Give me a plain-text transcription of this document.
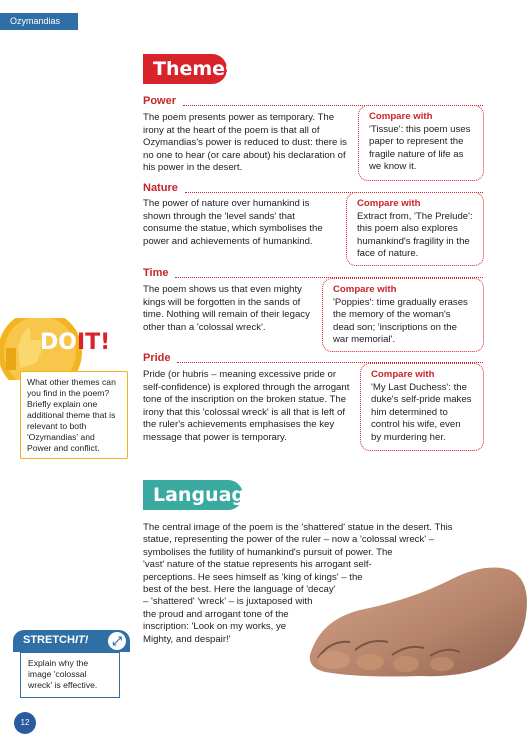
Ozymandias
Themes
Power
The poem presents power as temporary. The irony at the heart of the poem is that all of Ozymandias's power is reduced to dust: there is no one to hear (or care about) his declaration of his power in the desert.
Compare with
'Tissue': this poem uses paper to represent the fragile nature of life as we know it.
Nature
The power of nature over humankind is shown through the 'level sands' that consume the statue, which symbolises the power and achievements of humankind.
Compare with
Extract from, 'The Prelude': this poem also explores humankind's fragility in the face of nature.
Time
The poem shows us that even mighty kings will be forgotten in the sands of time. Nothing will remain of their legacy other than a 'colossal wreck'.
Compare with
'Poppies': time gradually erases the memory of the woman's dead son; 'inscriptions on the war memorial'.
Pride
Pride (or hubris – meaning excessive pride or self-confidence) is explored through the arrogant tone of the inscription on the broken statue. The irony that this 'colossal wreck' is all that is left of the ruler's achievements emphasises the key message that power is temporary.
Compare with
'My Last Duchess': the duke's self-pride makes him determined to control his wife, even by murdering her.
DOIT!
What other themes can you find in the poem? Briefly explain one additional theme that is relevant to both 'Ozymandias' and Power and conflict.
Language
The central image of the poem is the 'shattered' statue in the desert. This
statue, representing the power of the ruler – now a 'colossal wreck' –
symbolises the futility of humankind's pursuit of power. The
'vast' nature of the statue represents his arrogant self-
perceptions. He sees himself as 'king of kings' – the
best of the best. Here the language of 'decay'
– 'shattered' 'wreck' – is juxtaposed with
the proud and arrogant tone of the
inscription: 'Look on my works, ye
Mighty, and despair!'
STRETCHIT!	⤢
Explain why the image 'colossal wreck' is effective.
12
